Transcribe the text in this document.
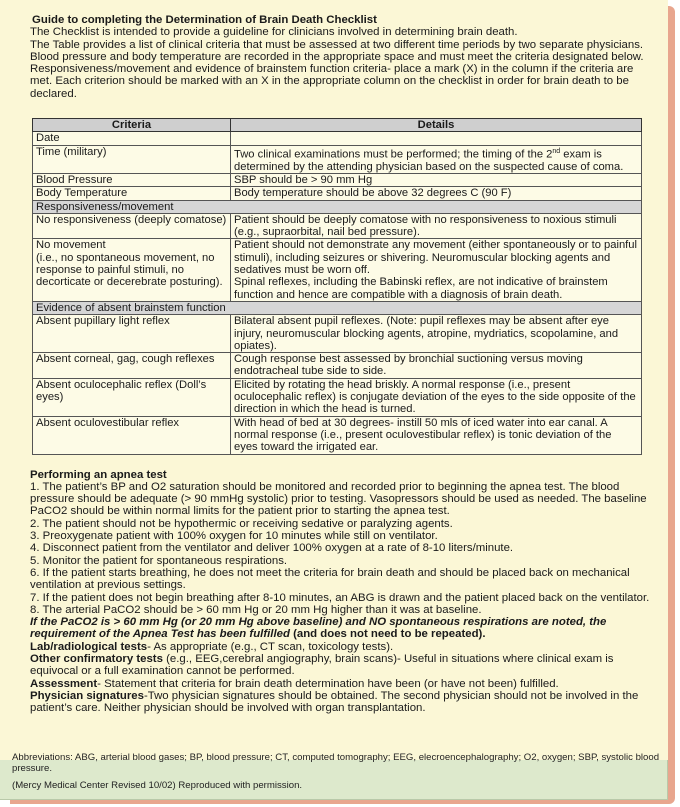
Guide to completing the Determination of Brain Death Checklist

The Checklist is intended to provide a guideline for clinicians involved in determining brain death.

The Table provides a list of clinical criteria that must be assessed at two different time periods by two separate physicians. Blood pressure and body temperature are recorded in the appropriate space and must meet the criteria designated below.

Responsiveness/movement and evidence of brainstem function criteria- place a mark (X) in the column if the criteria are met. Each criterion should be marked with an X in the appropriate column on the checklist in order for brain death to be declared.

Criteria	Details
Date	
Time (military)	Two clinical examinations must be performed; the timing of the 2nd exam is determined by the attending physician based on the suspected cause of coma.
Blood Pressure	SBP should be > 90 mm Hg
Body Temperature	Body temperature should be above 32 degrees C (90 F)
Responsiveness/movement	
No responsiveness (deeply comatose)	Patient should be deeply comatose with no responsiveness to noxious stimuli (e.g., supraorbital, nail bed pressure).
No movement
(i.e., no spontaneous movement, no response to painful stimuli, no decorticate or decerebrate posturing).	Patient should not demonstrate any movement (either spontaneously or to painful stimuli), including seizures or shivering. Neuromuscular blocking agents and sedatives must be worn off.
Spinal reflexes, including the Babinski reflex, are not indicative of brainstem function and hence are compatible with a diagnosis of brain death.
Evidence of absent brainstem function	
Absent pupillary light reflex	Bilateral absent pupil reflexes. (Note: pupil reflexes may be absent after eye injury, neuromuscular blocking agents, atropine, mydriatics, scopolamine, and opiates).
Absent corneal, gag, cough reflexes	Cough response best assessed by bronchial suctioning versus moving endotracheal tube side to side.
Absent oculocephalic reflex (Doll’s eyes)	Elicited by rotating the head briskly. A normal response (i.e., present oculocephalic reflex) is conjugate deviation of the eyes to the side opposite of the direction in which the head is turned.
Absent oculovestibular reflex	With head of bed at 30 degrees- instill 50 mls of iced water into ear canal. A normal response (i.e., present oculovestibular reflex) is tonic deviation of the eyes toward the irrigated ear.

Performing an apnea test

1. The patient’s BP and O2 saturation should be monitored and recorded prior to beginning the apnea test. The blood pressure should be adequate (> 90 mmHg systolic) prior to testing. Vasopressors should be used as needed. The baseline PaCO2 should be within normal limits for the patient prior to starting the apnea test.

2. The patient should not be hypothermic or receiving sedative or paralyzing agents.

3. Preoxygenate patient with 100% oxygen for 10 minutes while still on ventilator.

4. Disconnect patient from the ventilator and deliver 100% oxygen at a rate of 8-10 liters/minute.

5. Monitor the patient for spontaneous respirations.

6. If the patient starts breathing, he does not meet the criteria for brain death and should be placed back on mechanical ventilation at previous settings.

7. If the patient does not begin breathing after 8-10 minutes, an ABG is drawn and the patient placed back on the ventilator.

8. The arterial PaCO2 should be > 60 mm Hg or 20 mm Hg higher than it was at baseline.

If the PaCO2 is > 60 mm Hg (or 20 mm Hg above baseline) and NO spontaneous respirations are noted, the requirement of the Apnea Test has been fulfilled (and does not need to be repeated).

Lab/radiological tests- As appropriate (e.g., CT scan, toxicology tests).

Other confirmatory tests (e.g., EEG,cerebral angiography, brain scans)- Useful in situations where clinical exam is equivocal or a full examination cannot be performed.

Assessment- Statement that criteria for brain death determination have been (or have not been) fulfilled.

Physician signatures-Two physician signatures should be obtained. The second physician should not be involved in the patient’s care. Neither physician should be involved with organ transplantation.

Abbreviations: ABG, arterial blood gases; BP, blood pressure; CT, computed tomography; EEG, elecroencephalography; O2, oxygen; SBP, systolic blood pressure.
(Mercy Medical Center Revised 10/02) Reproduced with permission.
